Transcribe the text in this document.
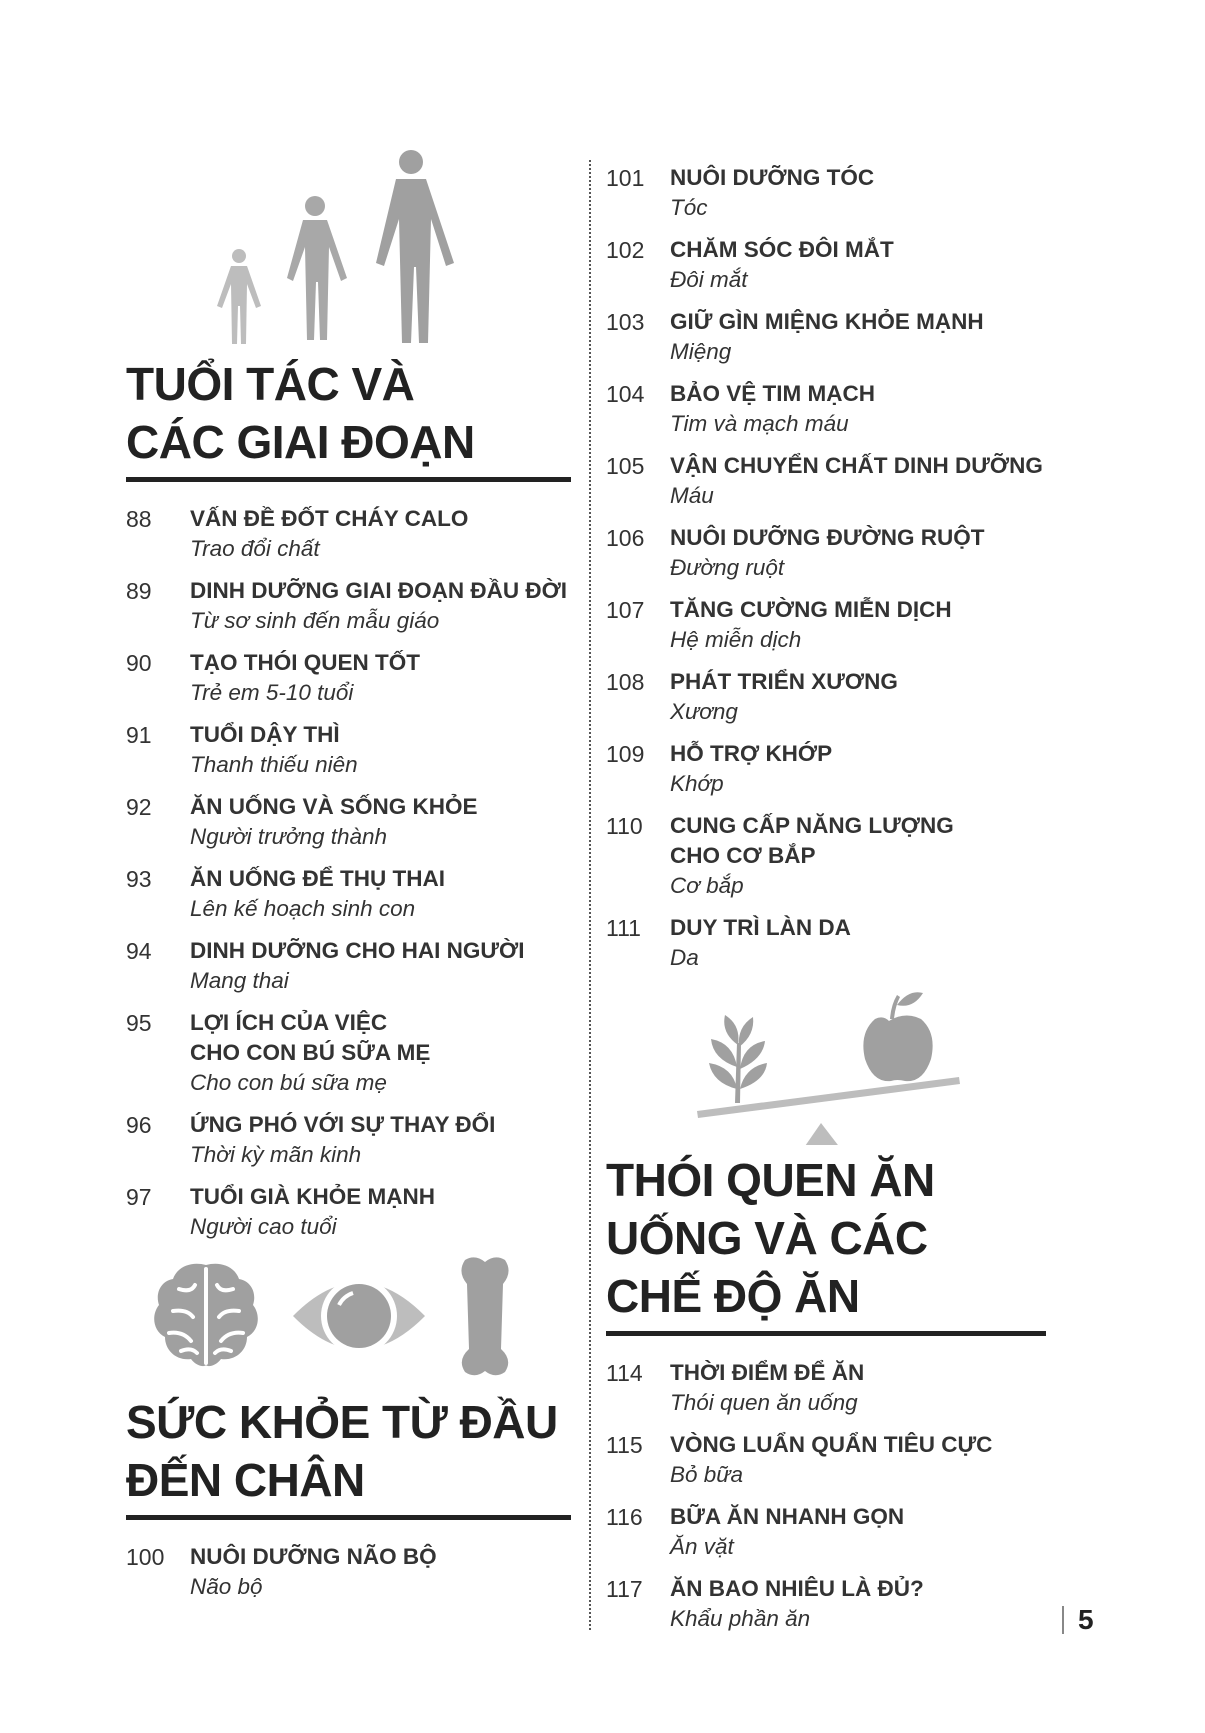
TUỔI TÁC VÀ
CÁC GIAI ĐOẠN
88	VẤN ĐỀ ĐỐT CHÁY CALO
Trao đổi chất
89	DINH DƯỠNG GIAI ĐOẠN ĐẦU ĐỜI
Từ sơ sinh đến mẫu giáo
90	TẠO THÓI QUEN TỐT
Trẻ em 5-10 tuổi
91	TUỔI DẬY THÌ
Thanh thiếu niên
92	ĂN UỐNG VÀ SỐNG KHỎE
Người trưởng thành
93	ĂN UỐNG ĐỂ THỤ THAI
Lên kế hoạch sinh con
94	DINH DƯỠNG CHO HAI NGƯỜI
Mang thai
95	LỢI ÍCH CỦA VIỆC
CHO CON BÚ SỮA MẸ
Cho con bú sữa mẹ
96	ỨNG PHÓ VỚI SỰ THAY ĐỔI
Thời kỳ mãn kinh
97	TUỔI GIÀ KHỎE MẠNH
Người cao tuổi
SỨC KHỎE TỪ ĐẦU
ĐẾN CHÂN
100	NUÔI DƯỠNG NÃO BỘ
Não bộ
101	NUÔI DƯỠNG TÓC
Tóc
102	CHĂM SÓC ĐÔI MẮT
Đôi mắt
103	GIỮ GÌN MIỆNG KHỎE MẠNH
Miệng
104	BẢO VỆ TIM MẠCH
Tim và mạch máu
105	VẬN CHUYỂN CHẤT DINH DƯỠNG
Máu
106	NUÔI DƯỠNG ĐƯỜNG RUỘT
Đường ruột
107	TĂNG CƯỜNG MIỄN DỊCH
Hệ miễn dịch
108	PHÁT TRIỂN XƯƠNG
Xương
109	HỖ TRỢ KHỚP
Khớp
110	CUNG CẤP NĂNG LƯỢNG
CHO CƠ BẮP
Cơ bắp
111	DUY TRÌ LÀN DA
Da
THÓI QUEN ĂN
UỐNG VÀ CÁC
CHẾ ĐỘ ĂN
114	THỜI ĐIỂM ĐỂ ĂN
Thói quen ăn uống
115	VÒNG LUẨN QUẨN TIÊU CỰC
Bỏ bữa
116	BỮA ĂN NHANH GỌN
Ăn vặt
117	ĂN BAO NHIÊU LÀ ĐỦ?
Khẩu phần ăn	5
